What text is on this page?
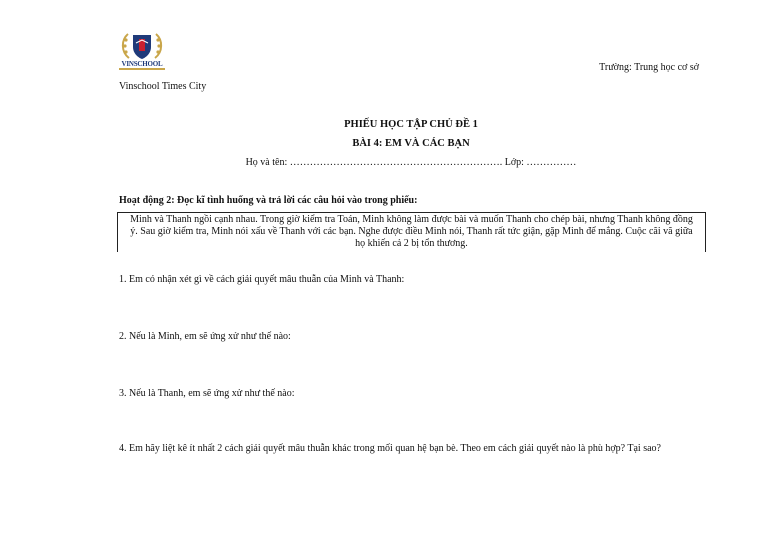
VINSCHOOL
Vinschool Times City
Trường: Trung học cơ sở
PHIẾU HỌC TẬP CHỦ ĐỀ 1
BÀI 4: EM VÀ CÁC BẠN
Họ và tên: ………………………………………………………. Lớp: ……………
Hoạt động 2: Đọc kĩ tình huống và trả lời các câu hỏi vào trong phiếu:
Minh và Thanh ngồi cạnh nhau. Trong giờ kiểm tra Toán, Minh không làm được bài và muốn Thanh cho chép bài, nhưng Thanh không đồng ý. Sau giờ kiểm tra, Minh nói xấu về Thanh với các bạn. Nghe được điều Minh nói, Thanh rất tức giận, gặp Minh để mắng. Cuộc cãi vã giữa họ khiến cả 2 bị tổn thương.
1. Em có nhận xét gì về cách giải quyết mâu thuẫn của Minh và Thanh:
2. Nếu là Minh, em sẽ ứng xử như thế nào:
3. Nếu là Thanh, em sẽ ứng xử như thế nào:
4. Em hãy liệt kê ít nhất 2 cách giải quyết mâu thuẫn khác trong mối quan hệ bạn bè. Theo em cách giải quyết nào là phù hợp? Tại sao?
